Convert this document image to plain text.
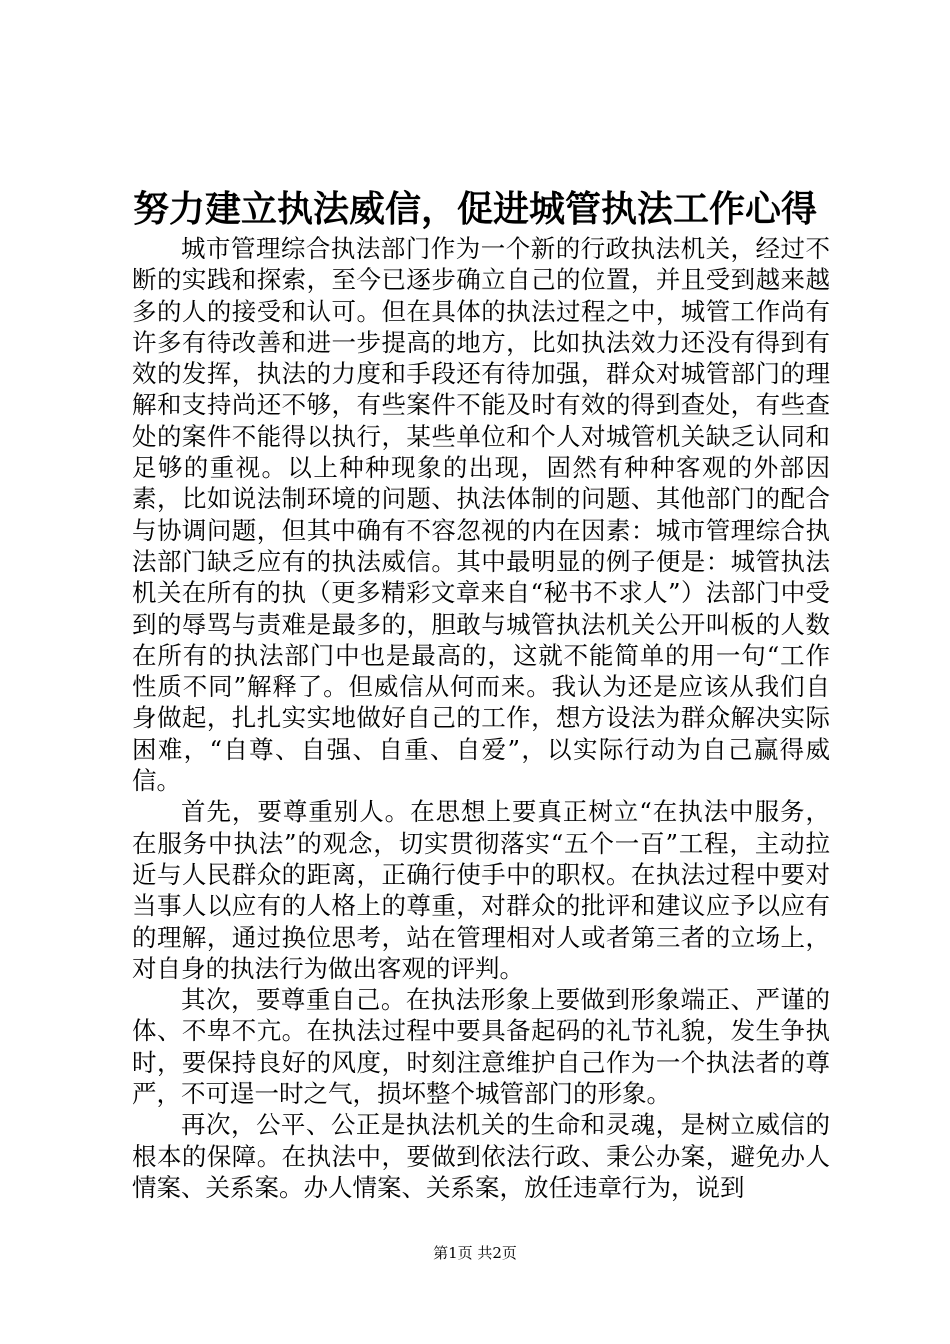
努力建立执法威信，促进城管执法工作心得

城市管理综合执法部门作为一个新的行政执法机关，经过不断的实践和探索，至今已逐步确立自己的位置，并且受到越来越多的人的接受和认可。但在具体的执法过程之中，城管工作尚有许多有待改善和进一步提高的地方，比如执法效力还没有得到有效的发挥，执法的力度和手段还有待加强，群众对城管部门的理解和支持尚还不够，有些案件不能及时有效的得到查处，有些查处的案件不能得以执行，某些单位和个人对城管机关缺乏认同和足够的重视。以上种种现象的出现，固然有种种客观的外部因素，比如说法制环境的问题、执法体制的问题、其他部门的配合与协调问题，但其中确有不容忽视的内在因素：城市管理综合执法部门缺乏应有的执法威信。其中最明显的例子便是：城管执法机关在所有的执（更多精彩文章来自“秘书不求人”）法部门中受到的辱骂与责难是最多的，胆敢与城管执法机关公开叫板的人数在所有的执法部门中也是最高的，这就不能简单的用一句“工作性质不同”解释了。但威信从何而来。我认为还是应该从我们自身做起，扎扎实实地做好自己的工作，想方设法为群众解决实际困难，“自尊、自强、自重、自爱”，以实际行动为自己赢得威信。

首先，要尊重别人。在思想上要真正树立“在执法中服务，在服务中执法”的观念，切实贯彻落实“五个一百”工程，主动拉近与人民群众的距离，正确行使手中的职权。在执法过程中要对当事人以应有的人格上的尊重，对群众的批评和建议应予以应有的理解，通过换位思考，站在管理相对人或者第三者的立场上，对自身的执法行为做出客观的评判。

其次，要尊重自己。在执法形象上要做到形象端正、严谨的体、不卑不亢。在执法过程中要具备起码的礼节礼貌，发生争执时，要保持良好的风度，时刻注意维护自己作为一个执法者的尊严，不可逞一时之气，损坏整个城管部门的形象。

再次，公平、公正是执法机关的生命和灵魂，是树立威信的根本的保障。在执法中，要做到依法行政、秉公办案，避免办人情案、关系案。办人情案、关系案，放任违章行为，说到

第1页 共2页
